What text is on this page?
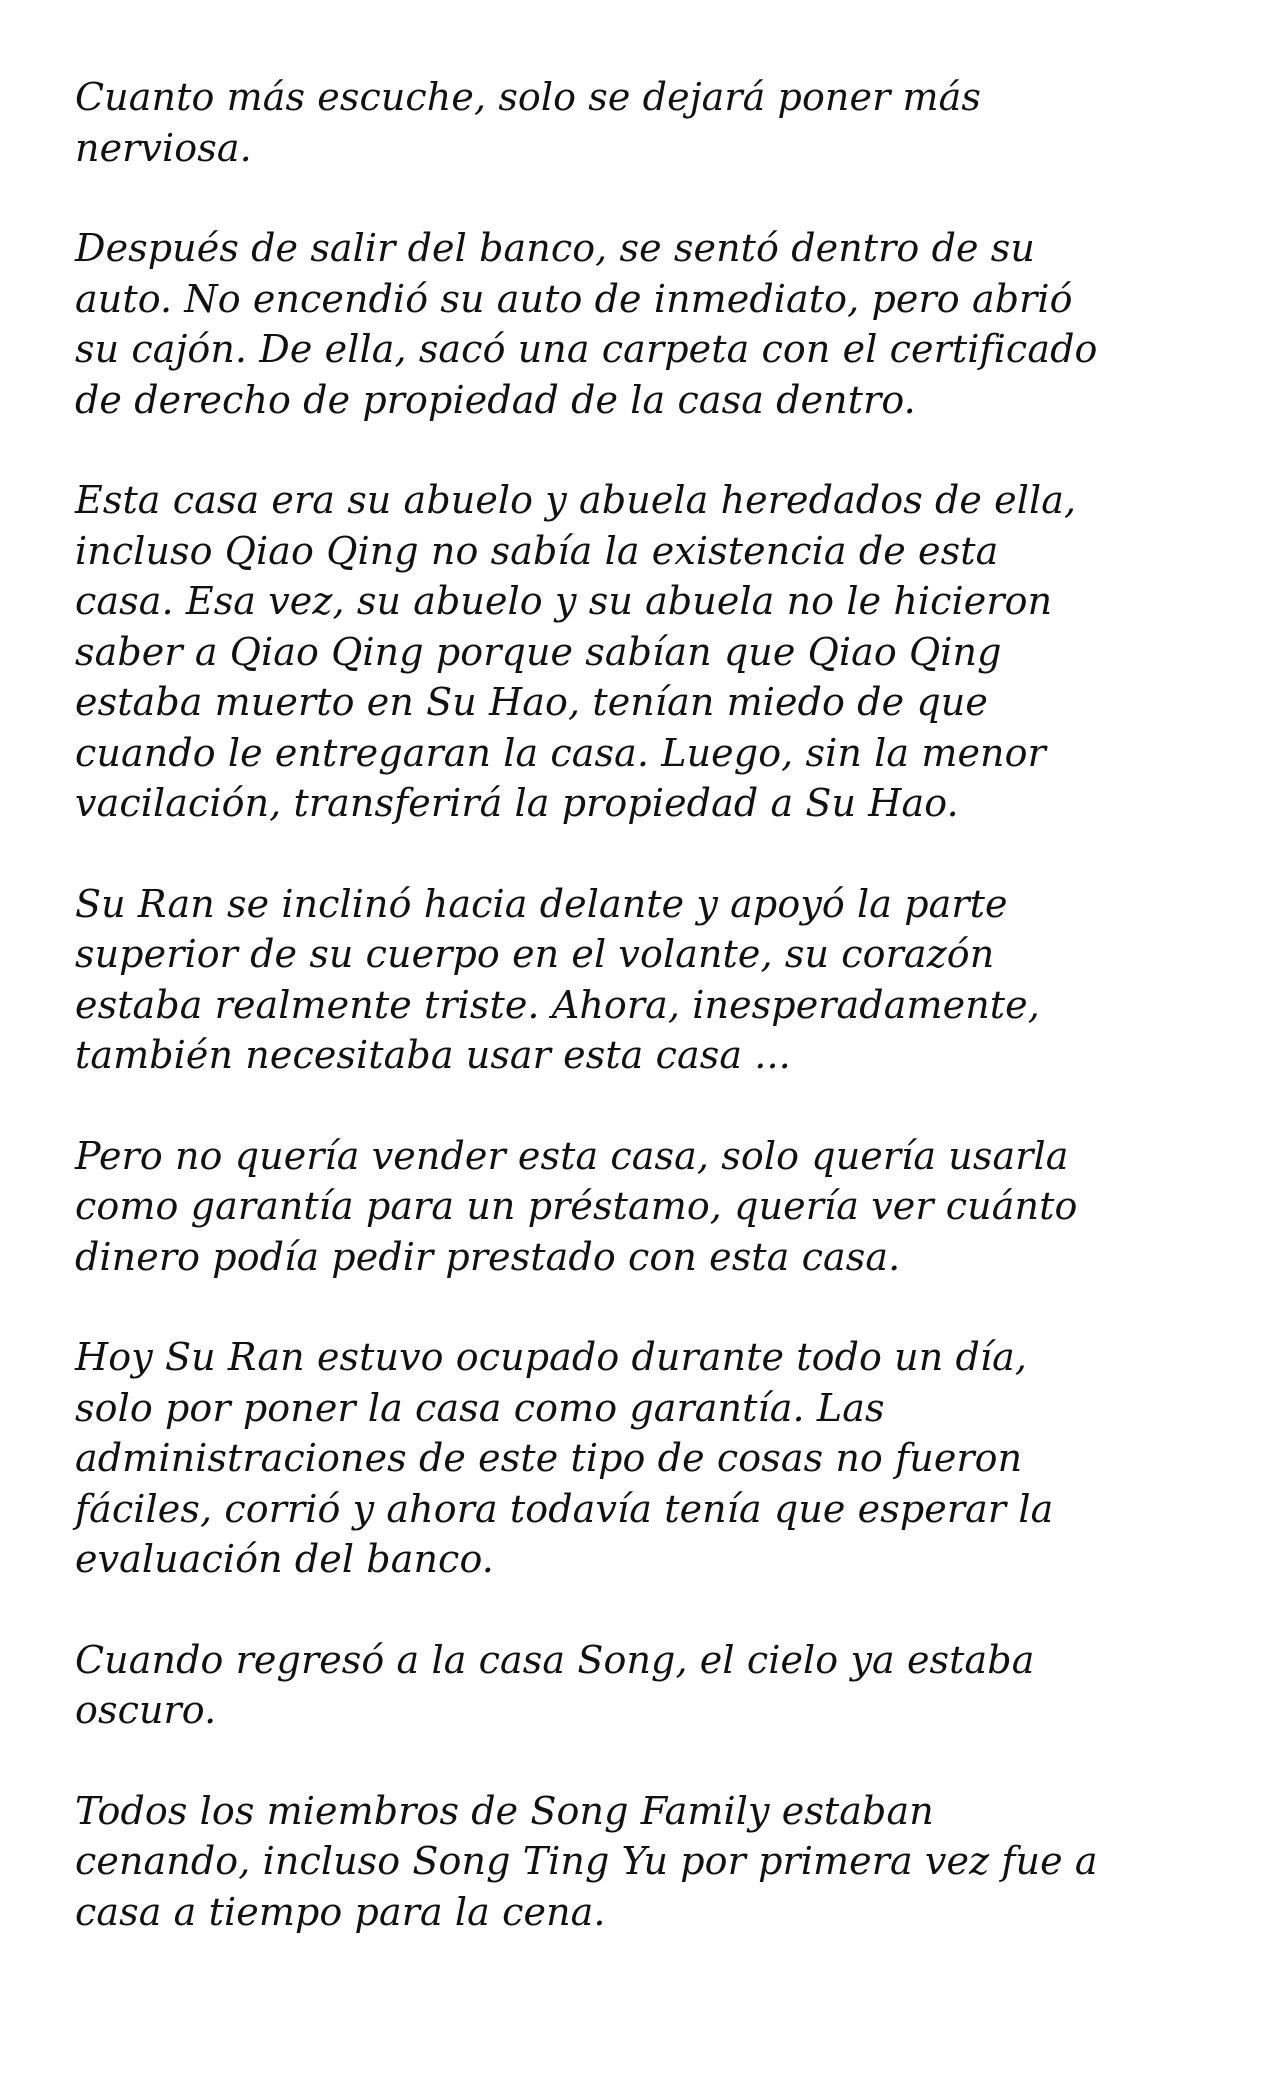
Cuanto más escuche, solo se dejará poner más
nerviosa.

Después de salir del banco, se sentó dentro de su
auto. No encendió su auto de inmediato, pero abrió
su cajón. De ella, sacó una carpeta con el certificado
de derecho de propiedad de la casa dentro.

Esta casa era su abuelo y abuela heredados de ella,
incluso Qiao Qing no sabía la existencia de esta
casa. Esa vez, su abuelo y su abuela no le hicieron
saber a Qiao Qing porque sabían que Qiao Qing
estaba muerto en Su Hao, tenían miedo de que
cuando le entregaran la casa. Luego, sin la menor
vacilación, transferirá la propiedad a Su Hao.

Su Ran se inclinó hacia delante y apoyó la parte
superior de su cuerpo en el volante, su corazón
estaba realmente triste. Ahora, inesperadamente,
también necesitaba usar esta casa ...

Pero no quería vender esta casa, solo quería usarla
como garantía para un préstamo, quería ver cuánto
dinero podía pedir prestado con esta casa.

Hoy Su Ran estuvo ocupado durante todo un día,
solo por poner la casa como garantía. Las
administraciones de este tipo de cosas no fueron
fáciles, corrió y ahora todavía tenía que esperar la
evaluación del banco.

Cuando regresó a la casa Song, el cielo ya estaba
oscuro.

Todos los miembros de Song Family estaban
cenando, incluso Song Ting Yu por primera vez fue a
casa a tiempo para la cena.
